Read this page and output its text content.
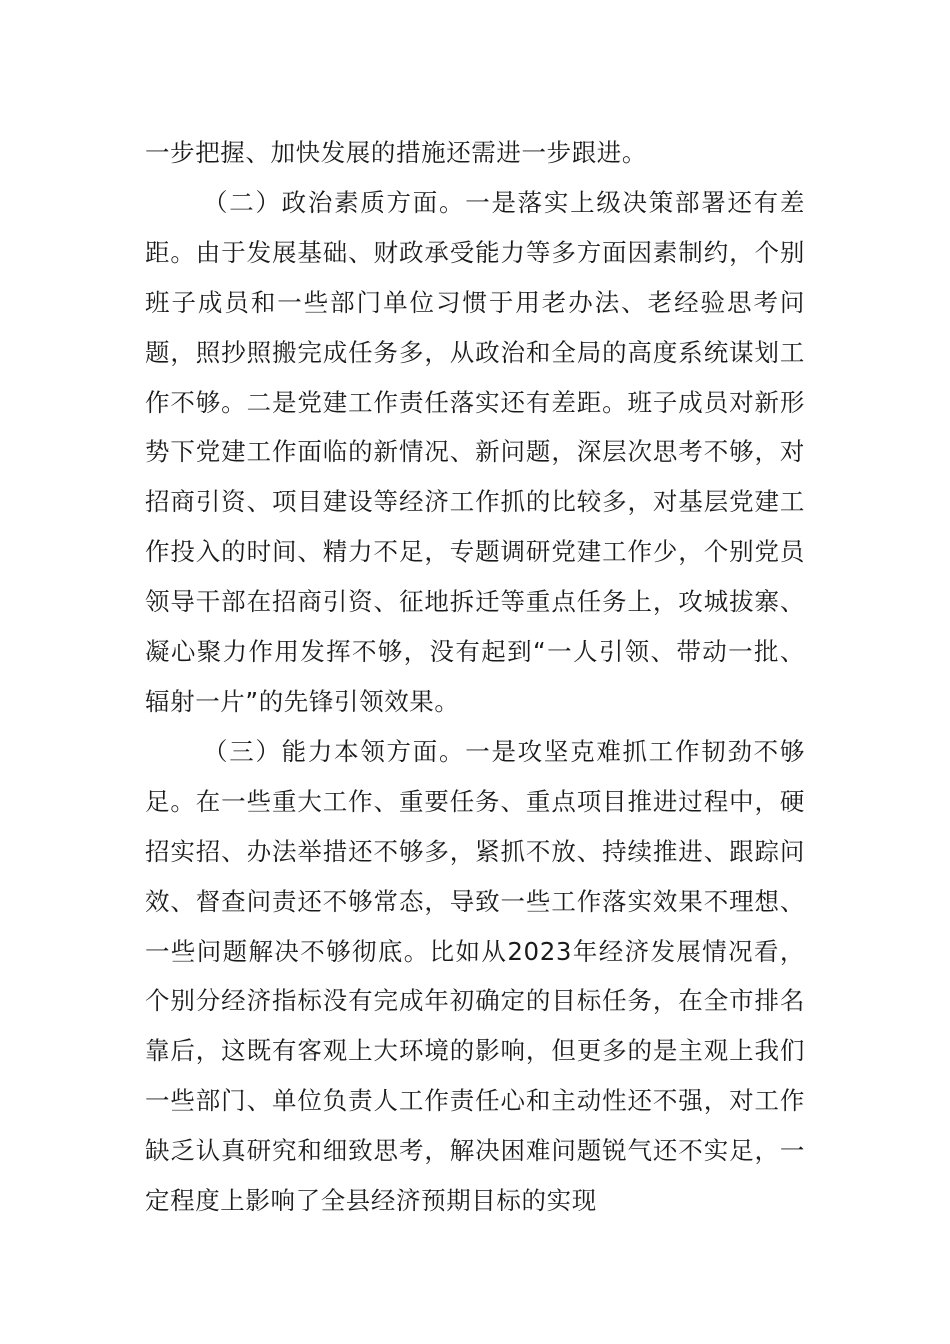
一步把握、加快发展的措施还需进一步跟进。

（二）政治素质方面。一是落实上级决策部署还有差距。由于发展基础、财政承受能力等多方面因素制约，个别班子成员和一些部门单位习惯于用老办法、老经验思考问题，照抄照搬完成任务多，从政治和全局的高度系统谋划工作不够。二是党建工作责任落实还有差距。班子成员对新形势下党建工作面临的新情况、新问题，深层次思考不够，对招商引资、项目建设等经济工作抓的比较多，对基层党建工作投入的时间、精力不足，专题调研党建工作少，个别党员领导干部在招商引资、征地拆迁等重点任务上，攻城拔寨、凝心聚力作用发挥不够，没有起到“一人引领、带动一批、辐射一片”的先锋引领效果。

（三）能力本领方面。一是攻坚克难抓工作韧劲不够足。在一些重大工作、重要任务、重点项目推进过程中，硬招实招、办法举措还不够多，紧抓不放、持续推进、跟踪问效、督查问责还不够常态，导致一些工作落实效果不理想、一些问题解决不够彻底。比如从2023年经济发展情况看，个别分经济指标没有完成年初确定的目标任务，在全市排名靠后，这既有客观上大环境的影响，但更多的是主观上我们一些部门、单位负责人工作责任心和主动性还不强，对工作缺乏认真研究和细致思考，解决困难问题锐气还不实足，一定程度上影响了全县经济预期目标的实现
